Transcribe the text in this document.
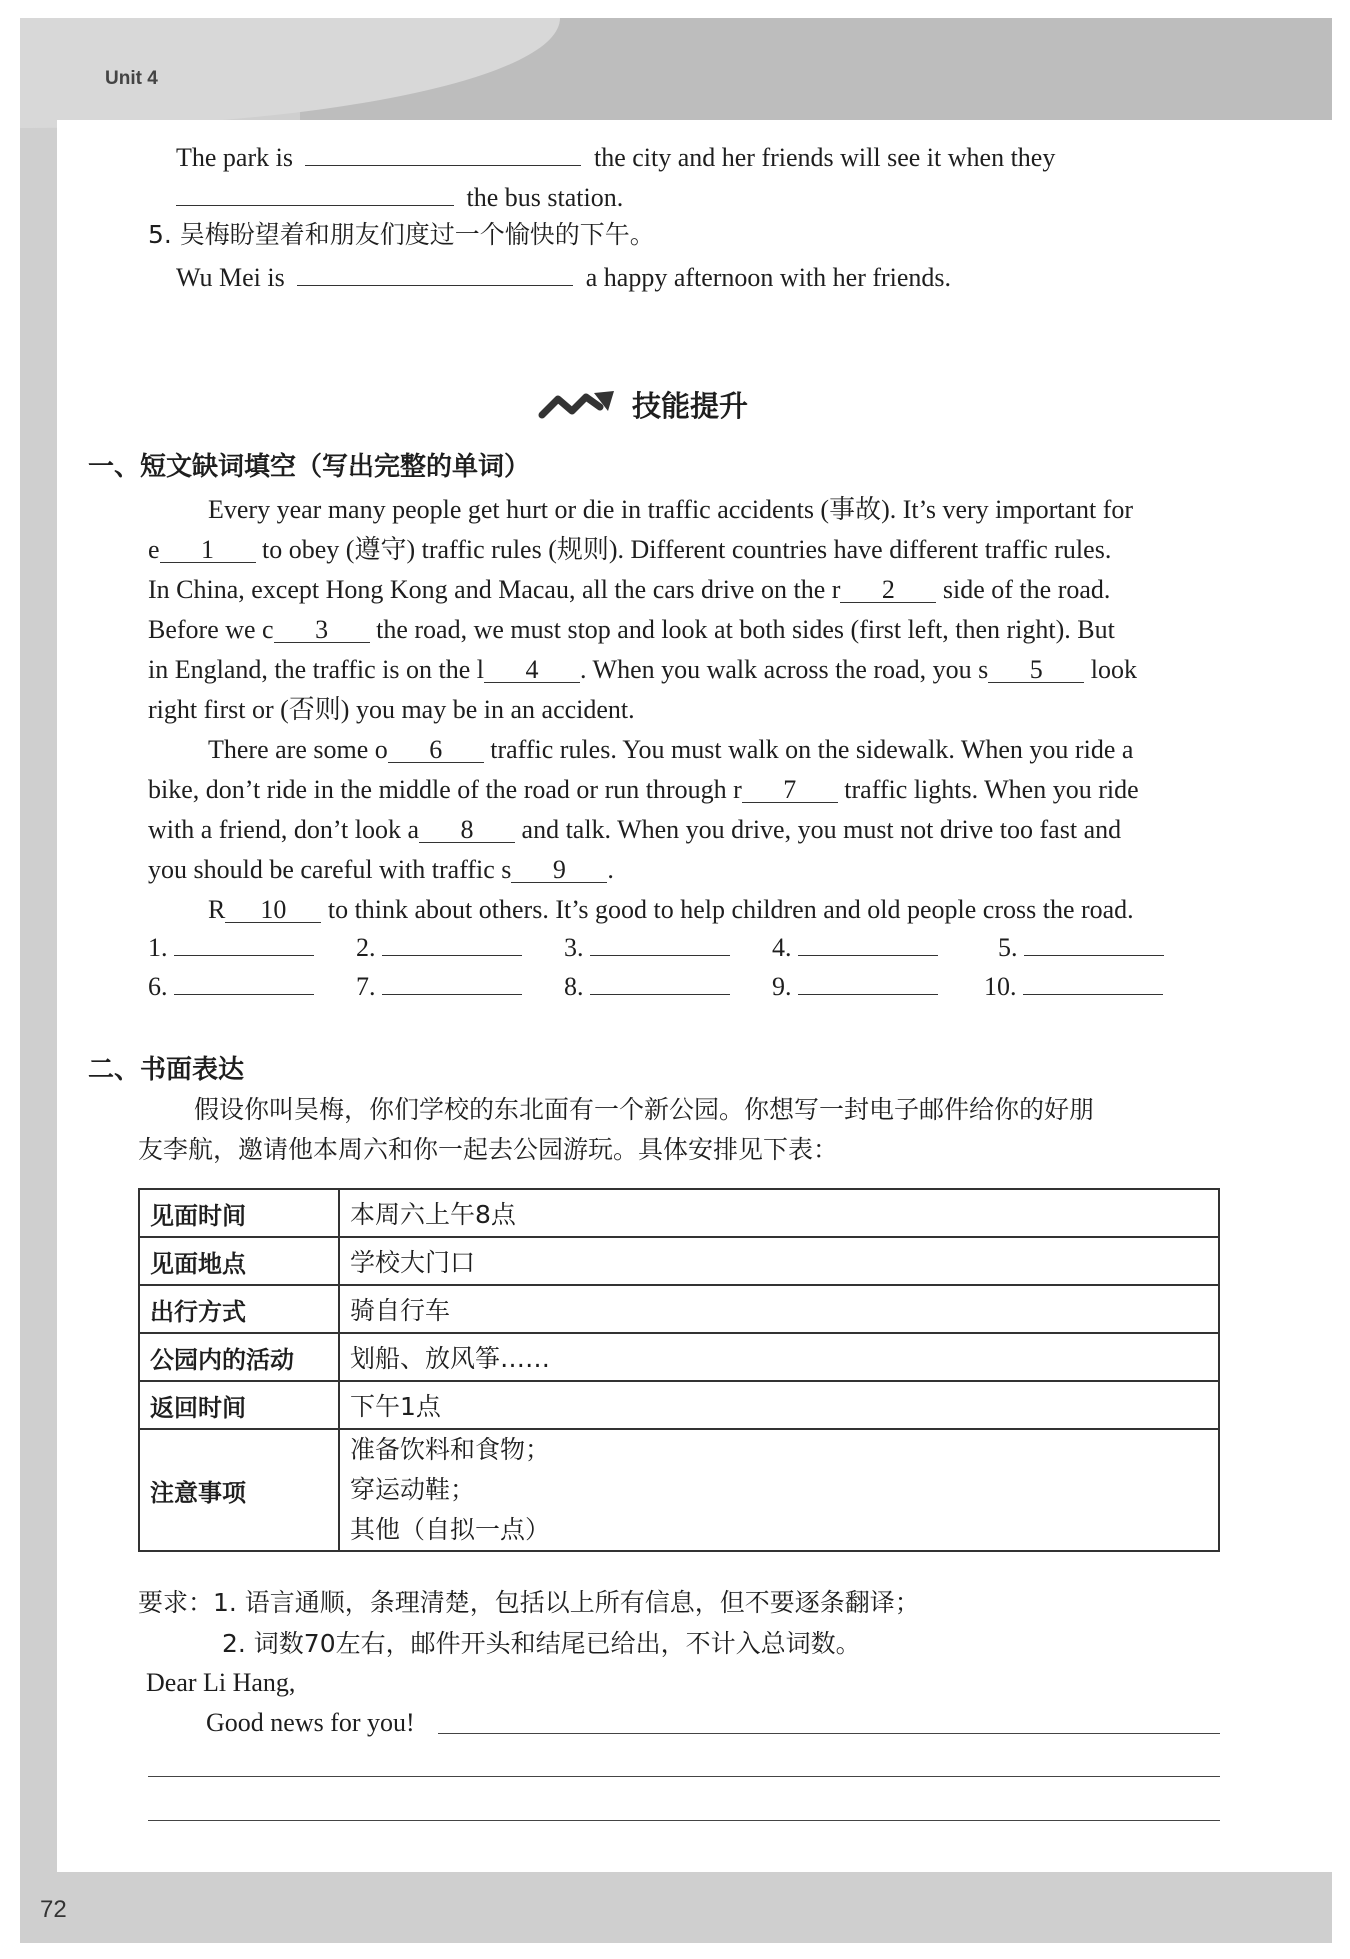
Unit 4
The park is	the city and her friends will see it when they
the bus station.
5. 吴梅盼望着和朋友们度过一个愉快的下午。
Wu Mei is	a happy afternoon with her friends.
技能提升
一、短文缺词填空（写出完整的单词）
Every year many people get hurt or die in traffic accidents (事故). It’s very important for
e 1 to obey (遵守) traffic rules (规则). Different countries have different traffic rules.
In China, except Hong Kong and Macau, all the cars drive on the r 2 side of the road.
Before we c 3 the road, we must stop and look at both sides (first left, then right). But
in England, the traffic is on the l 4 . When you walk across the road, you s 5 look
right first or (否则) you may be in an accident.
There are some o 6 traffic rules. You must walk on the sidewalk. When you ride a
bike, don’t ride in the middle of the road or run through r 7 traffic lights. When you ride
with a friend, don’t look a 8 and talk. When you drive, you must not drive too fast and
you should be careful with traffic s 9 .
R 10 to think about others. It’s good to help children and old people cross the road.
1.	2.	3.	4.	5.
6.	7.	8.	9.	10.
二、书面表达
假设你叫吴梅，你们学校的东北面有一个新公园。你想写一封电子邮件给你的好朋
友李航，邀请他本周六和你一起去公园游玩。具体安排见下表：
见面时间	本周六上午8点
见面地点	学校大门口
出行方式	骑自行车
公园内的活动	划船、放风筝……
返回时间	下午1点
注意事项	准备饮料和食物；
穿运动鞋；
其他（自拟一点）
要求：1. 语言通顺，条理清楚，包括以上所有信息，但不要逐条翻译；
2. 词数70左右，邮件开头和结尾已给出，不计入总词数。
Dear Li Hang,
Good news for you!
72
